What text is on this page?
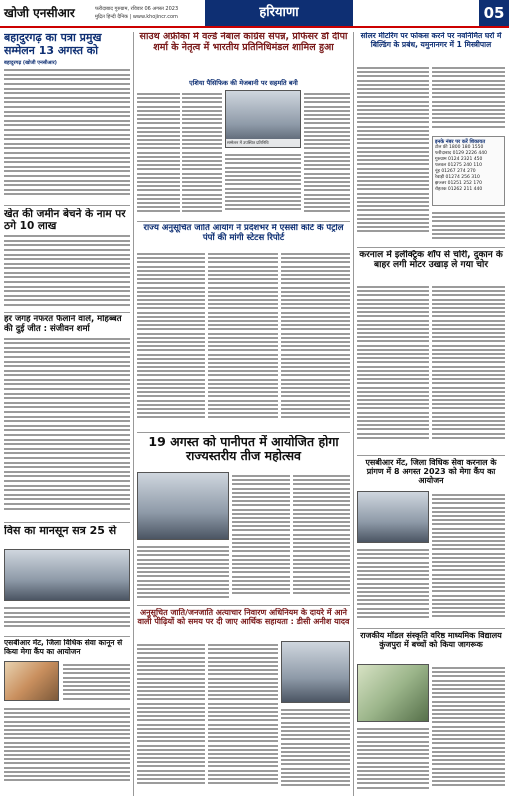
खोजी एनसीआर	फरीदाबाद गुरुग्राम, रविवार 06 अगस्त 2023
मुद्रित हिन्दी दैनिक | www.khojincr.com	हरियाणा	05
बहादुरगढ़ का पत्रा प्रमुख सम्मेलन 13 अगस्त को
बहादुरगढ़ (खोजी एनसीआर)
खेत की जमीन बेचने के नाम पर ठगे 10 लाख
हर जगह नफरत फैलाने वाले, मोहब्बत की दुई जीत : संजीवन शर्मा
विस का मानसून सत्र 25 से
एसबीआर मेंट, जिला विधिक सेवा कानून से किया मेगा कैंप का आयोजन
साउथ अफ्रीका में वर्ल्ड नेबाल कांग्रेस संपन्न, प्रोफेसर डॉ दीपा शर्मा के नेतृत्व में भारतीय प्रतिनिधिमंडल शामिल हुआ
एशिया पैसिफिक की मेजबानी पर सहमति बनी
सम्मेलन में उपस्थित प्रतिनिधि
राज्य अनुसूचित जाति आयोग ने प्रदेशभर में एससी कोटे के पेट्रोल पंपों की मांगी स्टेटस रिपोर्ट
19 अगस्त को पानीपत में आयोजित होगा राज्यस्तरीय तीज महोत्सव
अनुसूचित जाति/जनजाति अत्याचार निवारण अधिनियम के दायरे में आने वाली पीढ़ियों को समय पर दी जाए आर्थिक सहायता : डीसी अनीश यादव
सोलर मीटरिंग पर फोकस करने पर नवनिर्मित घरों में बिल्डिंग के प्रबंध, यमुनानगर में 1 मिस्त्रीपाल
इनके नंबर पर करें शिकायत
टोल फ्री 1800 180 1550
फरीदाबाद 0129 2226 440
गुरुग्राम 0124 2321 450
पलवल 01275 240 110
नूंह 01267 274 270
रेवाड़ी 01274 256 310
झज्जर 01251 252 170
रोहतक 01262 211 440
करनाल में इलेक्ट्रिक शॉप से चोरी, दुकान के बाहर लगी मोटर उखाड़ ले गया चोर
एसबीआर मेंट, जिला विधिक सेवा करनाल के प्रांगण में 8 अगस्त 2023 को मेगा कैंप का आयोजन
राजकीय मॉडल संस्कृति वरिष्ठ माध्यमिक विद्यालय कुंजपुरा में बच्चों को किया जागरूक
